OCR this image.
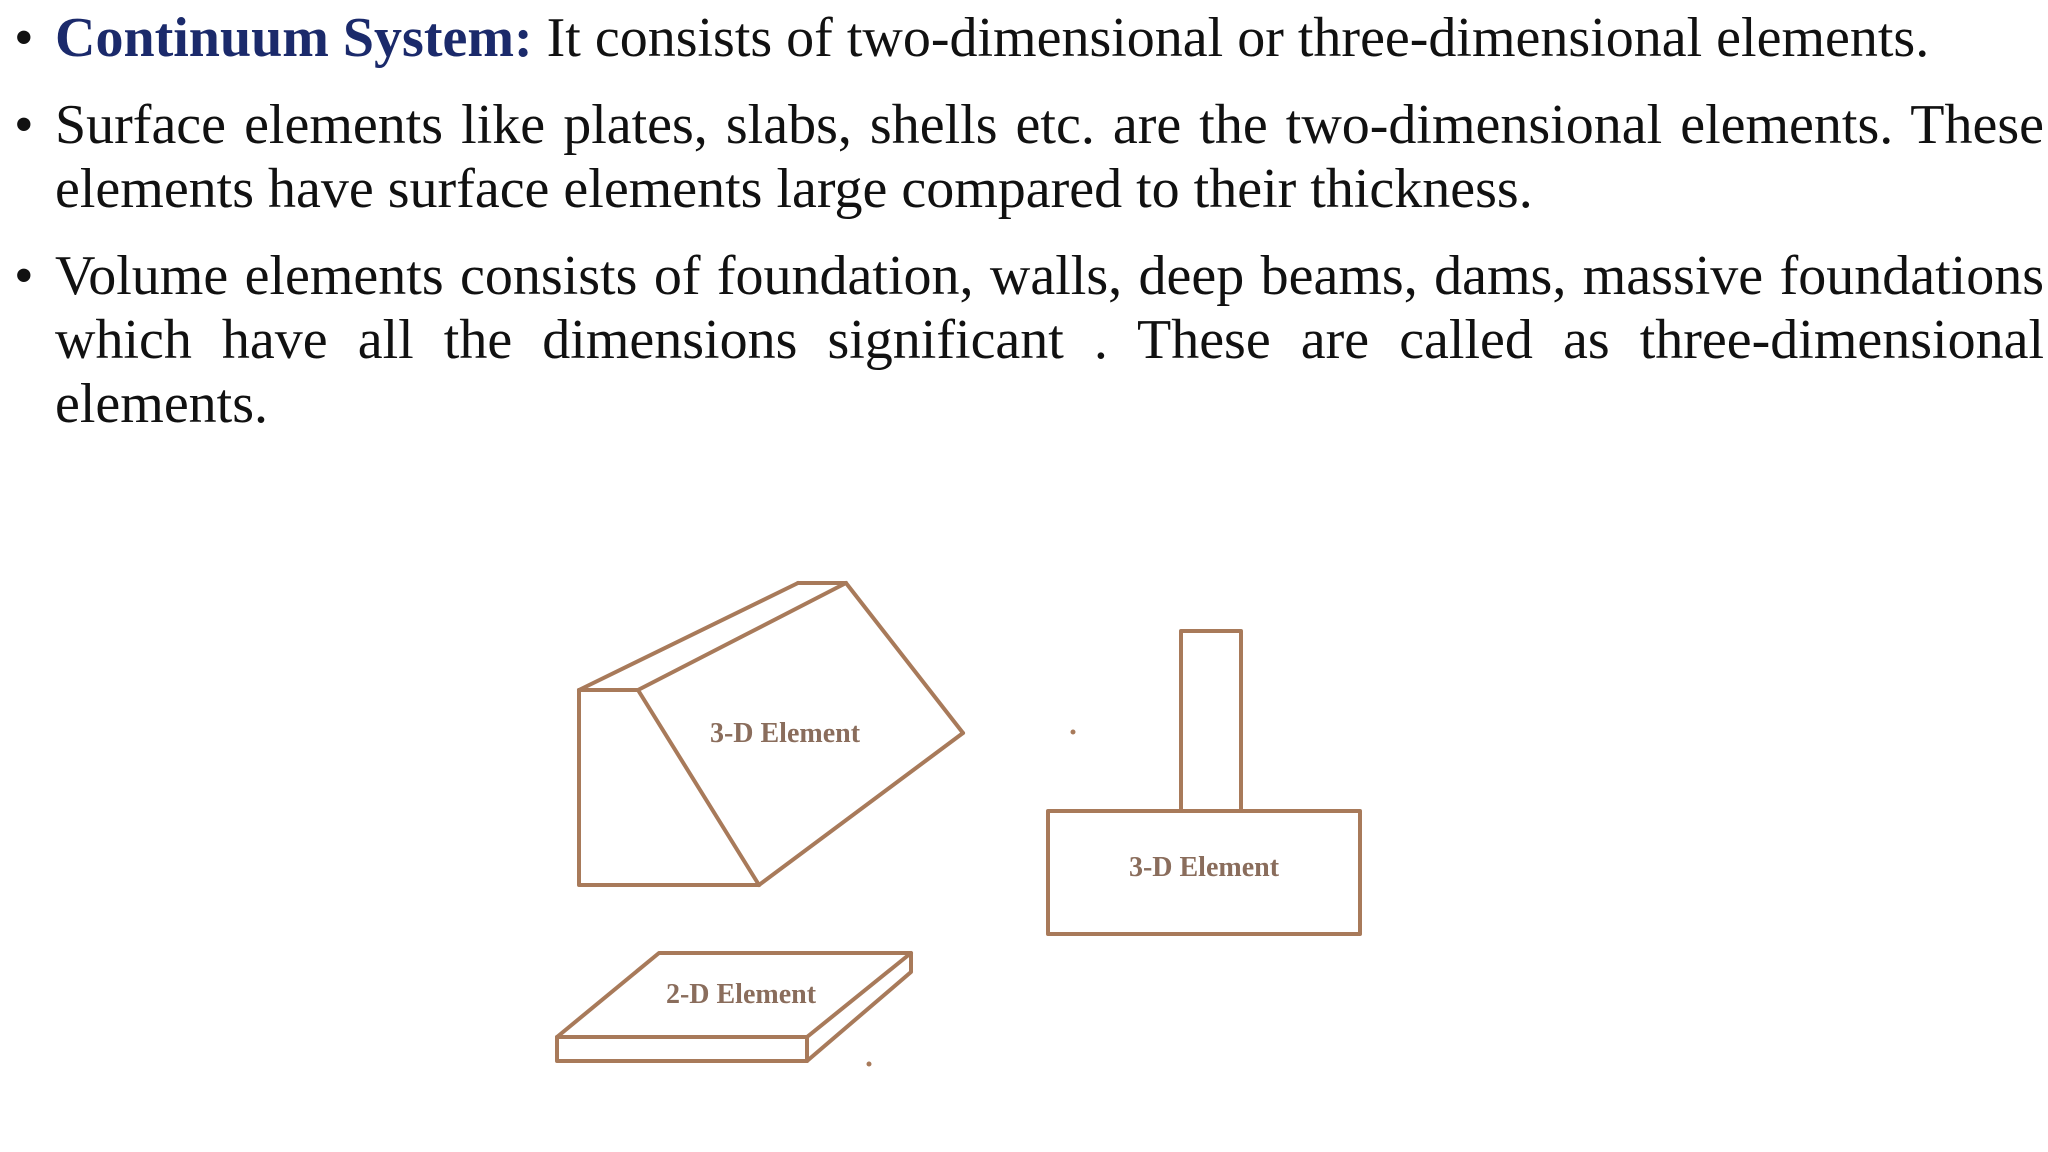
• Continuum System: It consists of two-dimensional or three-dimensional elements.
• Surface elements like plates, slabs, shells etc. are the two-dimensional elements. These elements have surface elements large compared to their thickness.
• Volume elements consists of foundation, walls, deep beams, dams, massive foundations which have all the dimensions significant . These are called as three-dimensional elements.
3-D Element
3-D Element
2-D Element
